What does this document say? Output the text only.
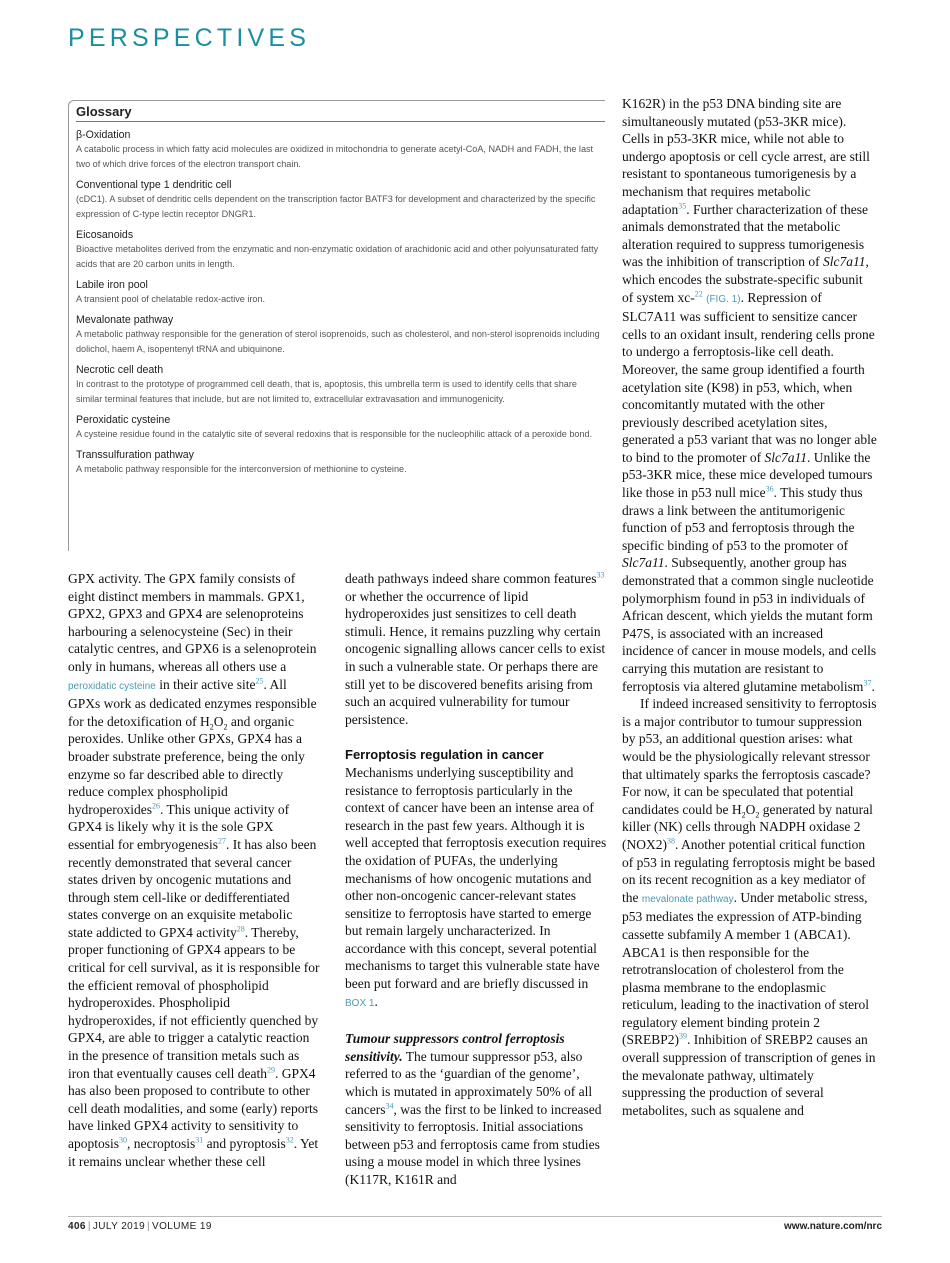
PERSPECTIVES
Glossary
β-Oxidation
A catabolic process in which fatty acid molecules are oxidized in mitochondria to generate acetyl-CoA, NADH and FADH, the last two of which drive forces of the electron transport chain.
Conventional type 1 dendritic cell
(cDC1). A subset of dendritic cells dependent on the transcription factor BATF3 for development and characterized by the specific expression of C-type lectin receptor DNGR1.
Eicosanoids
Bioactive metabolites derived from the enzymatic and non-enzymatic oxidation of arachidonic acid and other polyunsaturated fatty acids that are 20 carbon units in length.
Labile iron pool
A transient pool of chelatable redox-active iron.
Mevalonate pathway
A metabolic pathway responsible for the generation of sterol isoprenoids, such as cholesterol, and non-sterol isoprenoids including dolichol, haem A, isopentenyl tRNA and ubiquinone.
Necrotic cell death
In contrast to the prototype of programmed cell death, that is, apoptosis, this umbrella term is used to identify cells that share similar terminal features that include, but are not limited to, extracellular extravasation and immunogenicity.
Peroxidatic cysteine
A cysteine residue found in the catalytic site of several redoxins that is responsible for the nucleophilic attack of a peroxide bond.
Transsulfuration pathway
A metabolic pathway responsible for the interconversion of methionine to cysteine.

GPX activity. The GPX family consists of eight distinct members in mammals. GPX1, GPX2, GPX3 and GPX4 are selenoproteins harbouring a selenocysteine (Sec) in their catalytic centres, and GPX6 is a selenoprotein only in humans, whereas all others use a peroxidatic cysteine in their active site$^{25}$. All GPXs work as dedicated enzymes responsible for the detoxification of $H_2O_2$ and organic peroxides. Unlike other GPXs, GPX4 has a broader substrate preference, being the only enzyme so far described able to directly reduce complex phospholipid hydroperoxides$^{26}$. This unique activity of GPX4 is likely why it is the sole GPX essential for embryogenesis$^{27}$. It has also been recently demonstrated that several cancer states driven by oncogenic mutations and through stem cell-like or dedifferentiated states converge on an exquisite metabolic state addicted to GPX4 activity$^{28}$. Thereby, proper functioning of GPX4 appears to be critical for cell survival, as it is responsible for the efficient removal of phospholipid hydroperoxides. Phospholipid hydroperoxides, if not efficiently quenched by GPX4, are able to trigger a catalytic reaction in the presence of transition metals such as iron that eventually causes cell death$^{29}$. GPX4 has also been proposed to contribute to other cell death modalities, and some (early) reports have linked GPX4 activity to sensitivity to apoptosis$^{30}$, necroptosis$^{31}$ and pyroptosis$^{32}$. Yet it remains unclear whether these cell

death pathways indeed share common features$^{33}$ or whether the occurrence of lipid hydroperoxides just sensitizes to cell death stimuli. Hence, it remains puzzling why certain oncogenic signalling allows cancer cells to exist in such a vulnerable state. Or perhaps there are still yet to be discovered benefits arising from such an acquired vulnerability for tumour persistence.

Ferroptosis regulation in cancer

Mechanisms underlying susceptibility and resistance to ferroptosis particularly in the context of cancer have been an intense area of research in the past few years. Although it is well accepted that ferroptosis execution requires the oxidation of PUFAs, the underlying mechanisms of how oncogenic mutations and other non-oncogenic cancer-relevant states sensitize to ferroptosis have started to emerge but remain largely uncharacterized. In accordance with this concept, several potential mechanisms to target this vulnerable state have been put forward and are briefly discussed in BOX 1.

Tumour suppressors control ferroptosis sensitivity. The tumour suppressor p53, also referred to as the ‘guardian of the genome’, which is mutated in approximately 50% of all cancers$^{34}$, was the first to be linked to increased sensitivity to ferroptosis. Initial associations between p53 and ferroptosis came from studies using a mouse model in which three lysines (K117R, K161R and

K162R) in the p53 DNA binding site are simultaneously mutated (p53-3KR mice). Cells in p53-3KR mice, while not able to undergo apoptosis or cell cycle arrest, are still resistant to spontaneous tumorigenesis by a mechanism that requires metabolic adaptation$^{35}$. Further characterization of these animals demonstrated that the metabolic alteration required to suppress tumorigenesis was the inhibition of transcription of Slc7a11, which encodes the substrate-specific subunit of system xc-$^{22}$ (FIG. 1). Repression of SLC7A11 was sufficient to sensitize cancer cells to an oxidant insult, rendering cells prone to undergo a ferroptosis-like cell death. Moreover, the same group identified a fourth acetylation site (K98) in p53, which, when concomitantly mutated with the other previously described acetylation sites, generated a p53 variant that was no longer able to bind to the promoter of Slc7a11. Unlike the p53-3KR mice, these mice developed tumours like those in p53 null mice$^{36}$. This study thus draws a link between the antitumorigenic function of p53 and ferroptosis through the specific binding of p53 to the promoter of Slc7a11. Subsequently, another group has demonstrated that a common single nucleotide polymorphism found in p53 in individuals of African descent, which yields the mutant form P47S, is associated with an increased incidence of cancer in mouse models, and cells carrying this mutation are resistant to ferroptosis via altered glutamine metabolism$^{37}$.

If indeed increased sensitivity to ferroptosis is a major contributor to tumour suppression by p53, an additional question arises: what would be the physiologically relevant stressor that ultimately sparks the ferroptosis cascade? For now, it can be speculated that potential candidates could be $H_2O_2$ generated by natural killer (NK) cells through NADPH oxidase 2 $(NOX2)^{38}$. Another potential critical function of p53 in regulating ferroptosis might be based on its recent recognition as a key mediator of the mevalonate pathway. Under metabolic stress, p53 mediates the expression of ATP-binding cassette subfamily A member 1 (ABCA1). ABCA1 is then responsible for the retrotranslocation of cholesterol from the plasma membrane to the endoplasmic reticulum, leading to the inactivation of sterol regulatory element binding protein 2 (SREBP2)$^{39}$. Inhibition of SREBP2 causes an overall suppression of transcription of genes in the mevalonate pathway, ultimately suppressing the production of several metabolites, such as squalene and

406 | JULY 2019 | VOLUME 19	www.nature.com/nrc
